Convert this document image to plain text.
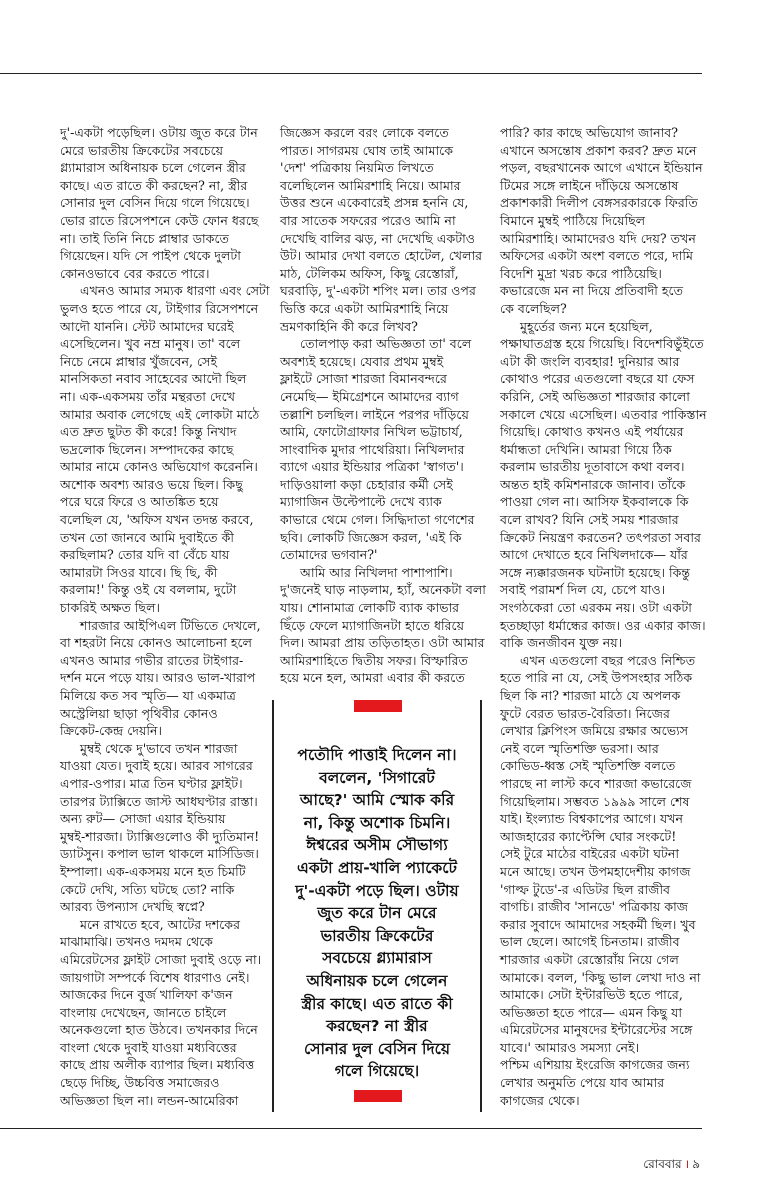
দু'-একটা পড়েছিল। ওটায় জুত করে টান
মেরে ভারতীয় ক্রিকেটের সবচেয়ে
গ্ল্যামারাস অধিনায়ক চলে গেলেন স্ত্রীর
কাছে। এত রাতে কী করছেন? না, স্ত্রীর
সোনার দুল বেসিন দিয়ে গলে গিয়েছে।
ভোর রাতে রিসেপশনে কেউ ফোন ধরছে
না। তাই তিনি নিচে প্লাম্বার ডাকতে
গিয়েছেন। যদি সে পাইপ থেকে দুলটা
কোনওভাবে বের করতে পারে।
এখনও আমার সম্যক ধারণা এবং সেটা
ভুলও হতে পারে যে, টাইগার রিসেপশনে
আদৌ যাননি। স্টেট আমাদের ঘরেই
এসেছিলেন। খুব নম্র মানুষ। তা' বলে
নিচে নেমে প্লাম্বার খুঁজবেন, সেই
মানসিকতা নবাব সাহেবের আদৌ ছিল
না। এক-একসময় তাঁর মন্থরতা দেখে
আমার অবাক লেগেছে এই লোকটা মাঠে
এত দ্রুত ছুটত কী করে! কিন্তু নিখাদ
ভদ্রলোক ছিলেন। সম্পাদকের কাছে
আমার নামে কোনও অভিযোগ করেননি।
অশোক অবশ্য আরও ভয়ে ছিল। কিছু
পরে ঘরে ফিরে ও আতঙ্কিত হয়ে
বলেছিল যে, 'অফিস যখন তদন্ত করবে,
তখন তো জানবে আমি দুবাইতে কী
করছিলাম? তোর যদি বা বেঁচে যায়
আমারটা সিওর যাবে। ছি ছি, কী
করলাম!' কিন্তু ওই যে বললাম, দুটো
চাকরিই অক্ষত ছিল।
শারজার আইপিএল টিভিতে দেখলে,
বা শহরটা নিয়ে কোনও আলোচনা হলে
এখনও আমার গভীর রাতের টাইগার-
দর্শন মনে পড়ে যায়। আরও ভাল-খারাপ
মিলিয়ে কত সব স্মৃতি— যা একমাত্র
অস্ট্রেলিয়া ছাড়া পৃথিবীর কোনও
ক্রিকেট-কেন্দ্র দেয়নি।
মুম্বই থেকে দু'ভাবে তখন শারজা
যাওয়া যেত। দুবাই হয়ে। আরব সাগরের
এপার-ওপার। মাত্র তিন ঘণ্টার ফ্লাইট।
তারপর ট্যাক্সিতে জাস্ট আধঘণ্টার রাস্তা।
অন্য রুট— সোজা এয়ার ইন্ডিয়ায়
মুম্বই-শারজা। ট্যাক্সিগুলোও কী দ্যুতিমান!
ড্যাটসুন। কপাল ভাল থাকলে মার্সিডিজ।
ইম্পালা। এক-একসময় মনে হত চিমটি
কেটে দেখি, সত্যি ঘটছে তো? নাকি
আরব্য উপন্যাস দেখছি স্বপ্নে?
মনে রাখতে হবে, আটের দশকের
মাঝামাঝি। তখনও দমদম থেকে
এমিরেটসের ফ্লাইট সোজা দুবাই ওড়ে না।
জায়গাটা সম্পর্কে বিশেষ ধারণাও নেই।
আজকের দিনে বুর্জ খালিফা ক'জন
বাংলায় দেখেছেন, জানতে চাইলে
অনেকগুলো হাত উঠবে। তখনকার দিনে
বাংলা থেকে দুবাই যাওয়া মধ্যবিত্তের
কাছে প্রায় অলীক ব্যাপার ছিল। মধ্যবিত্ত
ছেড়ে দিচ্ছি, উচ্চবিত্ত সমাজেরও
অভিজ্ঞতা ছিল না। লন্ডন-আমেরিকা
জিজ্ঞেস করলে বরং লোকে বলতে
পারত। সাগরময় ঘোষ তাই আমাকে
'দেশ' পত্রিকায় নিয়মিত লিখতে
বলেছিলেন আমিরশাহি নিয়ে। আমার
উত্তর শুনে একেবারেই প্রসন্ন হননি যে,
বার সাতেক সফরের পরেও আমি না
দেখেছি বালির ঝড়, না দেখেছি একটাও
উট। আমার দেখা বলতে হোটেল, খেলার
মাঠ, টেলিকম অফিস, কিছু রেস্তোরাঁ,
ঘরবাড়ি, দু'-একটা শপিং মল। তার ওপর
ভিত্তি করে একটা আমিরশাহি নিয়ে
ভ্রমণকাহিনি কী করে লিখব?
তোলপাড় করা অভিজ্ঞতা তা' বলে
অবশ্যই হয়েছে। যেবার প্রথম মুম্বই
ফ্লাইটে সোজা শারজা বিমানবন্দরে
নেমেছি— ইমিগ্রেশনে আমাদের ব্যাগ
তল্লাশি চলছিল। লাইনে পরপর দাঁড়িয়ে
আমি, ফোটোগ্রাফার নিখিল ভট্টাচার্য,
সাংবাদিক মুদার পাথেরিয়া। নিখিলদার
ব্যাগে এয়ার ইন্ডিয়ার পত্রিকা 'স্বাগত'।
দাড়িওয়ালা কড়া চেহারার কর্মী সেই
ম্যাগাজিন উল্টেপাল্টে দেখে ব্যাক
কাভারে থেমে গেল। সিদ্ধিদাতা গণেশের
ছবি। লোকটি জিজ্ঞেস করল, 'এই কি
তোমাদের ভগবান?'
আমি আর নিখিলদা পাশাপাশি।
দু'জনেই ঘাড় নাড়লাম, হ্যাঁ, অনেকটা বলা
যায়। শোনামাত্র লোকটি ব্যাক কাভার
ছিঁড়ে ফেলে ম্যাগাজিনটা হাতে ধরিয়ে
দিল। আমরা প্রায় তড়িতাহত। ওটা আমার
আমিরশাহিতে দ্বিতীয় সফর। বিস্ফারিত
হয়ে মনে হল, আমরা এবার কী করতে
পারি? কার কাছে অভিযোগ জানাব?
এখানে অসন্তোষ প্রকাশ করব? দ্রুত মনে
পড়ল, বছরখানেক আগে এখানে ইন্ডিয়ান
টিমের সঙ্গে লাইনে দাঁড়িয়ে অসন্তোষ
প্রকাশকারী দিলীপ বেঙ্গসরকারকে ফিরতি
বিমানে মুম্বই পাঠিয়ে দিয়েছিল
আমিরশাহি। আমাদেরও যদি দেয়? তখন
অফিসের একটা অংশ বলতে পরে, দামি
বিদেশি মুদ্রা খরচ করে পাঠিয়েছি।
কভারেজে মন না দিয়ে প্রতিবাদী হতে
কে বলেছিল?
মুহূর্তের জন্য মনে হয়েছিল,
পক্ষাঘাতগ্রস্ত হয়ে গিয়েছি। বিদেশবিভুঁইতে
এটা কী জংলি ব্যবহার! দুনিয়ার আর
কোথাও পরের এতগুলো বছরে যা ফেস
করিনি, সেই অভিজ্ঞতা শারজার কালো
সকালে খেয়ে এসেছিল। এতবার পাকিস্তান
গিয়েছি। কোথাও কখনও এই পর্যায়ের
ধর্মান্ধতা দেখিনি। আমরা গিয়ে ঠিক
করলাম ভারতীয় দূতাবাসে কথা বলব।
অন্তত হাই কমিশনারকে জানাব। তাঁকে
পাওয়া গেল না। আসিফ ইকবালকে কি
বলে রাখব? যিনি সেই সময় শারজার
ক্রিকেট নিয়ন্ত্রণ করতেন? তৎপরতা সবার
আগে দেখাতে হবে নিখিলদাকে— যাঁর
সঙ্গে ন্যক্কারজনক ঘটনাটা হয়েছে। কিন্তু
সবাই পরামর্শ দিল যে, চেপে যাও।
সংগঠকেরা তো এরকম নয়। ওটা একটা
হতচ্ছাড়া ধর্মান্ধের কাজ। ওর একার কাজ।
বাকি জনজীবন যুক্ত নয়।
এখন এতগুলো বছর পরেও নিশ্চিত
হতে পারি না যে, সেই উপসংহার সঠিক
ছিল কি না? শারজা মাঠে যে অপলক
ফুটে বেরত ভারত-বৈরিতা। নিজের
লেখার ক্লিপিংস জমিয়ে রক্ষার অভ্যেস
নেই বলে স্মৃতিশক্তি ভরসা। আর
কোভিড-ধ্বস্ত সেই স্মৃতিশক্তি বলতে
পারছে না লাস্ট কবে শারজা কভারেজে
গিয়েছিলাম। সম্ভবত ১৯৯৯ সালে শেষ
যাই। ইংল্যান্ড বিশ্বকাপের আগে। যখন
আজহারের ক্যাপ্টেন্সি ঘোর সংকটে!
সেই টুরে মাঠের বাইরের একটা ঘটনা
মনে আছে। তখন উপমহাদেশীয় কাগজ
'গাল্ফ টুডে'-র এডিটর ছিল রাজীব
বাগচি। রাজীব 'সানডে' পত্রিকায় কাজ
করার সুবাদে আমাদের সহকর্মী ছিল। খুব
ভাল ছেলে। আগেই চিনতাম। রাজীব
শারজার একটা রেস্তোরাঁয় নিয়ে গেল
আমাকে। বলল, 'কিছু ভাল লেখা দাও না
আমাকে। সেটা ইন্টারভিউ হতে পারে,
অভিজ্ঞতা হতে পারে— এমন কিছু যা
এমিরেটসের মানুষদের ইন্টারেস্টের সঙ্গে
যাবে।' আমারও সমস্যা নেই।
পশ্চিম এশিয়ায় ইংরেজি কাগজের জন্য
লেখার অনুমতি পেয়ে যাব আমার
কাগজের থেকে।
পতৌদি পাত্তাই দিলেন না।
বললেন, 'সিগারেট
আছে?' আমি স্মোক করি
না, কিন্তু অশোক চিমনি।
ঈশ্বরের অসীম সৌভাগ্য
একটা প্রায়-খালি প্যাকেটে
দু'-একটা পড়ে ছিল। ওটায়
জুত করে টান মেরে
ভারতীয় ক্রিকেটের
সবচেয়ে গ্ল্যামারাস
অধিনায়ক চলে গেলেন
স্ত্রীর কাছে। এত রাতে কী
করছেন? না স্ত্রীর
সোনার দুল বেসিন দিয়ে
গলে গিয়েছে।
রোববার । ৯
